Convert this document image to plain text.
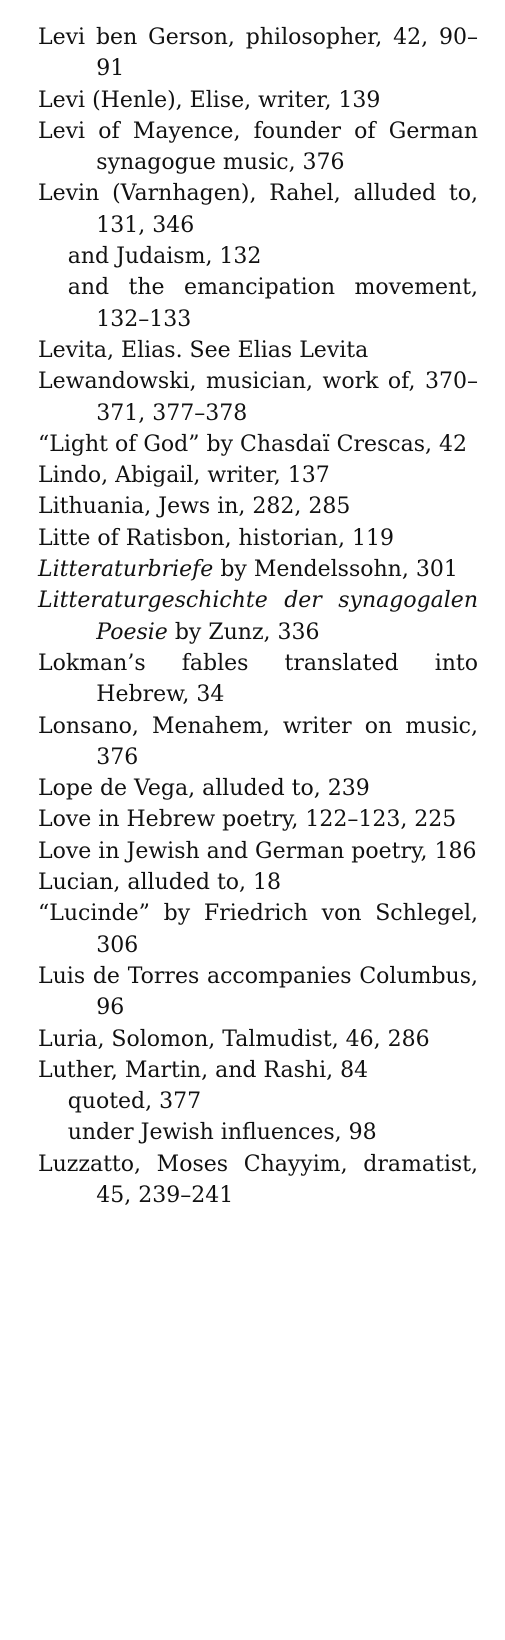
Levi ben Gerson, philosopher, 42, 90–91
Levi (Henle), Elise, writer, 139
Levi of Mayence, founder of German synagogue music, 376
Levin (Varnhagen), Rahel, alluded to, 131, 346
and Judaism, 132
and the emancipation movement, 132–133
Levita, Elias. See Elias Levita
Lewandowski, musician, work of, 370–371, 377–378
“Light of God” by Chasdaï Crescas, 42
Lindo, Abigail, writer, 137
Lithuania, Jews in, 282, 285
Litte of Ratisbon, historian, 119
Litteraturbriefe by Mendelssohn, 301
Litteraturgeschichte der synagogalen Poesie by Zunz, 336
Lokman’s fables translated into Hebrew, 34
Lonsano, Menahem, writer on music, 376
Lope de Vega, alluded to, 239
Love in Hebrew poetry, 122–123, 225
Love in Jewish and German poetry, 186
Lucian, alluded to, 18
“Lucinde” by Friedrich von Schlegel, 306
Luis de Torres accompanies Columbus, 96
Luria, Solomon, Talmudist, 46, 286
Luther, Martin, and Rashi, 84
quoted, 377
under Jewish influences, 98
Luzzatto, Moses Chayyim, dramatist, 45, 239–241
